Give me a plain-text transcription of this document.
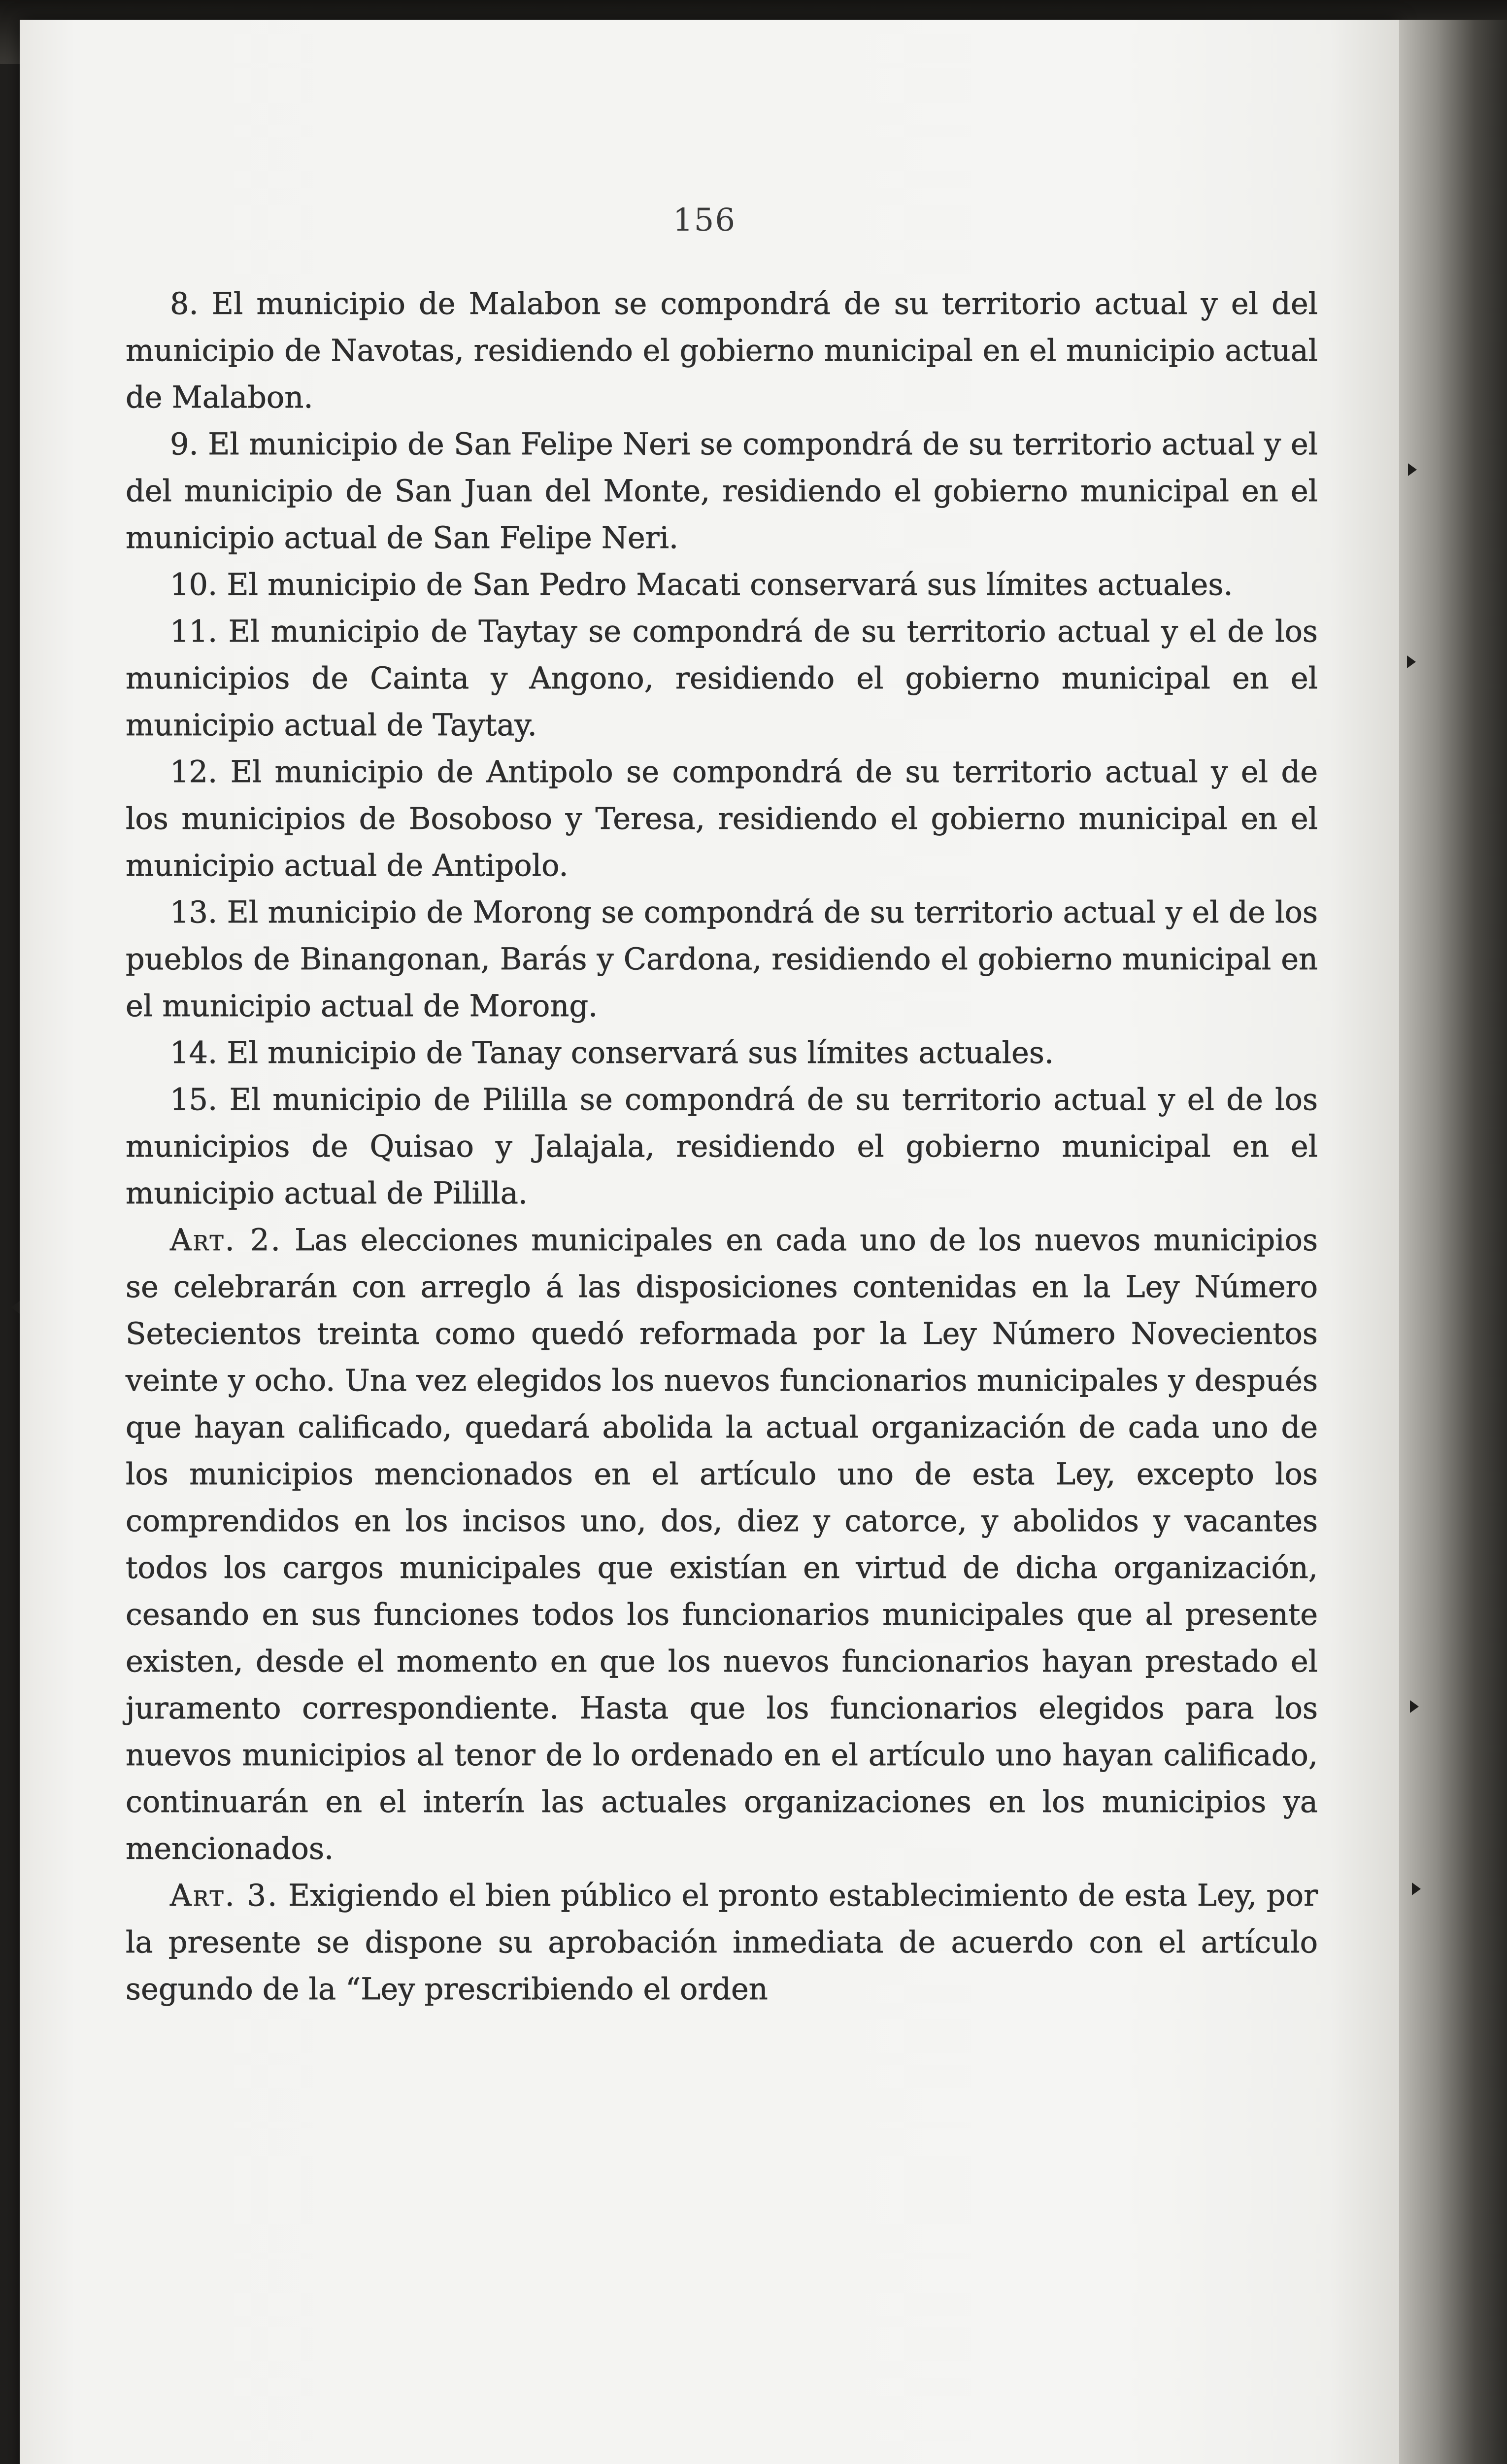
156

8. El municipio de Malabon se compondrá de su territorio actual y el del municipio de Navotas, residiendo el gobierno municipal en el municipio actual de Malabon.

9. El municipio de San Felipe Neri se compondrá de su territorio actual y el del municipio de San Juan del Monte, residiendo el gobierno municipal en el municipio actual de San Felipe Neri.

10. El municipio de San Pedro Macati conservará sus límites actuales.

11. El municipio de Taytay se compondrá de su territorio actual y el de los municipios de Cainta y Angono, residiendo el gobierno municipal en el municipio actual de Taytay.

12. El municipio de Antipolo se compondrá de su territorio actual y el de los municipios de Bosoboso y Teresa, residiendo el gobierno municipal en el municipio actual de Antipolo.

13. El municipio de Morong se compondrá de su territorio actual y el de los pueblos de Binangonan, Barás y Cardona, residiendo el gobierno municipal en el municipio actual de Morong.

14. El municipio de Tanay conservará sus límites actuales.

15. El municipio de Pililla se compondrá de su territorio actual y el de los municipios de Quisao y Jalajala, residiendo el gobierno municipal en el municipio actual de Pililla.

Art. 2. Las elecciones municipales en cada uno de los nuevos municipios se celebrarán con arreglo á las disposiciones contenidas en la Ley Número Setecientos treinta como quedó reformada por la Ley Número Novecientos veinte y ocho. Una vez elegidos los nuevos funcionarios municipales y después que hayan calificado, quedará abolida la actual organización de cada uno de los municipios mencionados en el artículo uno de esta Ley, excepto los comprendidos en los incisos uno, dos, diez y catorce, y abolidos y vacantes todos los cargos municipales que existían en virtud de dicha organización, cesando en sus funciones todos los funcionarios municipales que al presente existen, desde el momento en que los nuevos funcionarios hayan prestado el juramento correspondiente. Hasta que los funcionarios elegidos para los nuevos municipios al tenor de lo ordenado en el artículo uno hayan calificado, continuarán en el interín las actuales organizaciones en los municipios ya mencionados.

Art. 3. Exigiendo el bien público el pronto establecimiento de esta Ley, por la presente se dispone su aprobación inmediata de acuerdo con el artículo segundo de la “Ley prescribiendo el orden
